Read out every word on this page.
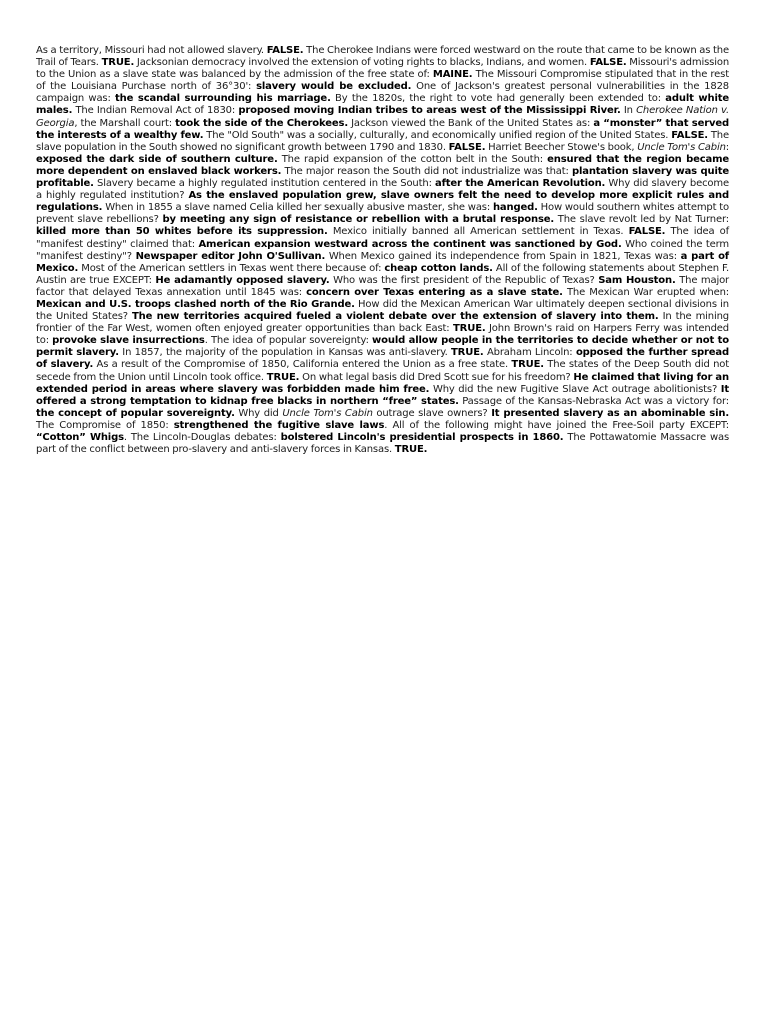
As a territory, Missouri had not allowed slavery. FALSE. The Cherokee Indians were forced westward on the route that came to be known as the Trail of Tears. TRUE. Jacksonian democracy involved the extension of voting rights to blacks, Indians, and women. FALSE. Missouri's admission to the Union as a slave state was balanced by the admission of the free state of: MAINE. The Missouri Compromise stipulated that in the rest of the Louisiana Purchase north of 36°30': slavery would be excluded. One of Jackson's greatest personal vulnerabilities in the 1828 campaign was: the scandal surrounding his marriage. By the 1820s, the right to vote had generally been extended to: adult white males. The Indian Removal Act of 1830: proposed moving Indian tribes to areas west of the Mississippi River. In Cherokee Nation v. Georgia, the Marshall court: took the side of the Cherokees. Jackson viewed the Bank of the United States as: a “monster” that served the interests of a wealthy few. The "Old South" was a socially, culturally, and economically unified region of the United States. FALSE. The slave population in the South showed no significant growth between 1790 and 1830. FALSE. Harriet Beecher Stowe's book, Uncle Tom's Cabin: exposed the dark side of southern culture. The rapid expansion of the cotton belt in the South: ensured that the region became more dependent on enslaved black workers. The major reason the South did not industrialize was that: plantation slavery was quite profitable. Slavery became a highly regulated institution centered in the South: after the American Revolution. Why did slavery become a highly regulated institution? As the enslaved population grew, slave owners felt the need to develop more explicit rules and regulations. When in 1855 a slave named Celia killed her sexually abusive master, she was: hanged. How would southern whites attempt to prevent slave rebellions? by meeting any sign of resistance or rebellion with a brutal response. The slave revolt led by Nat Turner: killed more than 50 whites before its suppression. Mexico initially banned all American settlement in Texas. FALSE. The idea of "manifest destiny" claimed that: American expansion westward across the continent was sanctioned by God. Who coined the term "manifest destiny"? Newspaper editor John O'Sullivan. When Mexico gained its independence from Spain in 1821, Texas was: a part of Mexico. Most of the American settlers in Texas went there because of: cheap cotton lands. All of the following statements about Stephen F. Austin are true EXCEPT: He adamantly opposed slavery. Who was the first president of the Republic of Texas? Sam Houston. The major factor that delayed Texas annexation until 1845 was: concern over Texas entering as a slave state. The Mexican War erupted when: Mexican and U.S. troops clashed north of the Rio Grande. How did the Mexican American War ultimately deepen sectional divisions in the United States? The new territories acquired fueled a violent debate over the extension of slavery into them. In the mining frontier of the Far West, women often enjoyed greater opportunities than back East: TRUE. John Brown's raid on Harpers Ferry was intended to: provoke slave insurrections. The idea of popular sovereignty: would allow people in the territories to decide whether or not to permit slavery. In 1857, the majority of the population in Kansas was anti-slavery. TRUE. Abraham Lincoln: opposed the further spread of slavery. As a result of the Compromise of 1850, California entered the Union as a free state. TRUE. The states of the Deep South did not secede from the Union until Lincoln took office. TRUE. On what legal basis did Dred Scott sue for his freedom? He claimed that living for an extended period in areas where slavery was forbidden made him free. Why did the new Fugitive Slave Act outrage abolitionists? It offered a strong temptation to kidnap free blacks in northern “free” states. Passage of the Kansas-Nebraska Act was a victory for: the concept of popular sovereignty. Why did Uncle Tom's Cabin outrage slave owners? It presented slavery as an abominable sin. The Compromise of 1850: strengthened the fugitive slave laws. All of the following might have joined the Free-Soil party EXCEPT: “Cotton” Whigs. The Lincoln-Douglas debates: bolstered Lincoln's presidential prospects in 1860. The Pottawatomie Massacre was part of the conflict between pro-slavery and anti-slavery forces in Kansas. TRUE.
